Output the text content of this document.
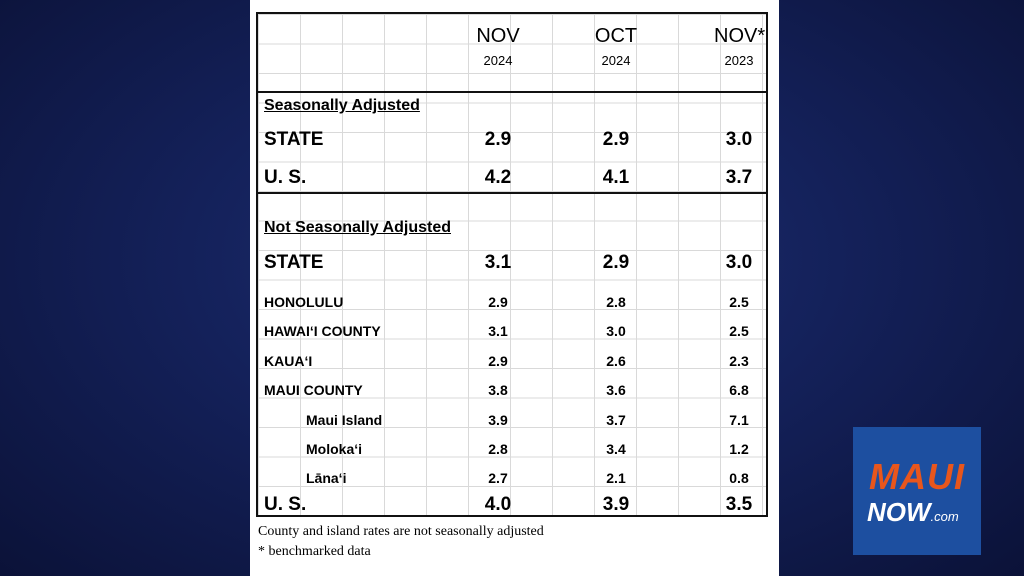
NOV	OCT	NOV*
2024	2024	2023
Seasonally Adjusted
STATE	2.9	2.9	3.0
U. S.	4.2	4.1	3.7
Not Seasonally Adjusted
STATE	3.1	2.9	3.0
HONOLULU	2.9	2.8	2.5
HAWAIʻI COUNTY	3.1	3.0	2.5
KAUAʻI	2.9	2.6	2.3
MAUI COUNTY	3.8	3.6	6.8
Maui Island	3.9	3.7	7.1
Molokaʻi	2.8	3.4	1.2
Lānaʻi	2.7	2.1	0.8
U. S.	4.0	3.9	3.5
County and island rates are not seasonally adjusted
* benchmarked data
MAUI
NOW.com
